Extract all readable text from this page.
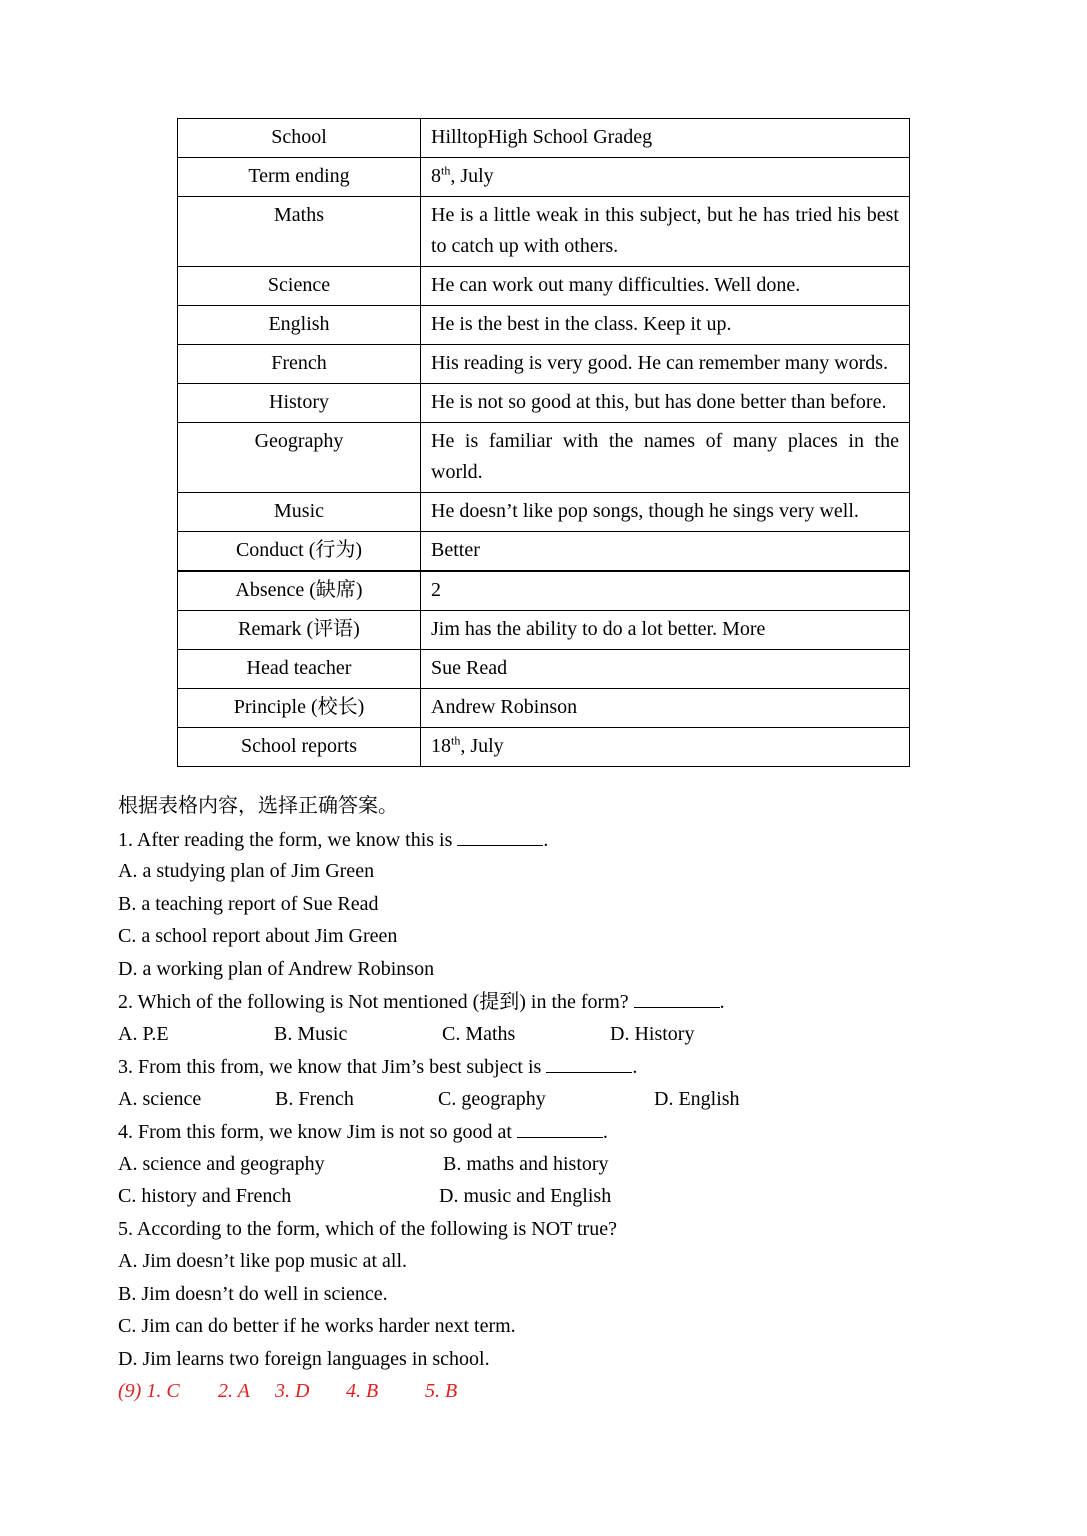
School	HilltopHigh School Gradeg
Term ending	8th, July
Maths	He is a little weak in this subject, but he has tried his best to catch up with others.
Science	He can work out many difficulties. Well done.
English	He is the best in the class. Keep it up.
French	His reading is very good. He can remember many words.
History	He is not so good at this, but has done better than before.
Geography	He is familiar with the names of many places in the world.
Music	He doesn’t like pop songs, though he sings very well.
Conduct (行为)	Better
Absence (缺席)	2
Remark (评语)	Jim has the ability to do a lot better. More
Head teacher	Sue Read
Principle (校长)	Andrew Robinson
School reports	18th, July
根据表格内容，选择正确答案。
1. After reading the form, we know this is	.
A. a studying plan of Jim Green
B. a teaching report of Sue Read
C. a school report about Jim Green
D. a working plan of Andrew Robinson
2. Which of the following is Not mentioned (提到) in the form?	.
A. P.E	B. Music	C. Maths	D. History
3. From this from, we know that Jim’s best subject is	.
A. science	B. French	C. geography	D. English
4. From this form, we know Jim is not so good at	.
A. science and geography	B. maths and history
C. history and French	D. music and English
5. According to the form, which of the following is NOT true?
A. Jim doesn’t like pop music at all.
B. Jim doesn’t do well in science.
C. Jim can do better if he works harder next term.
D. Jim learns two foreign languages in school.
(9) 1. C 2. A 3. D 4. B 5. B
